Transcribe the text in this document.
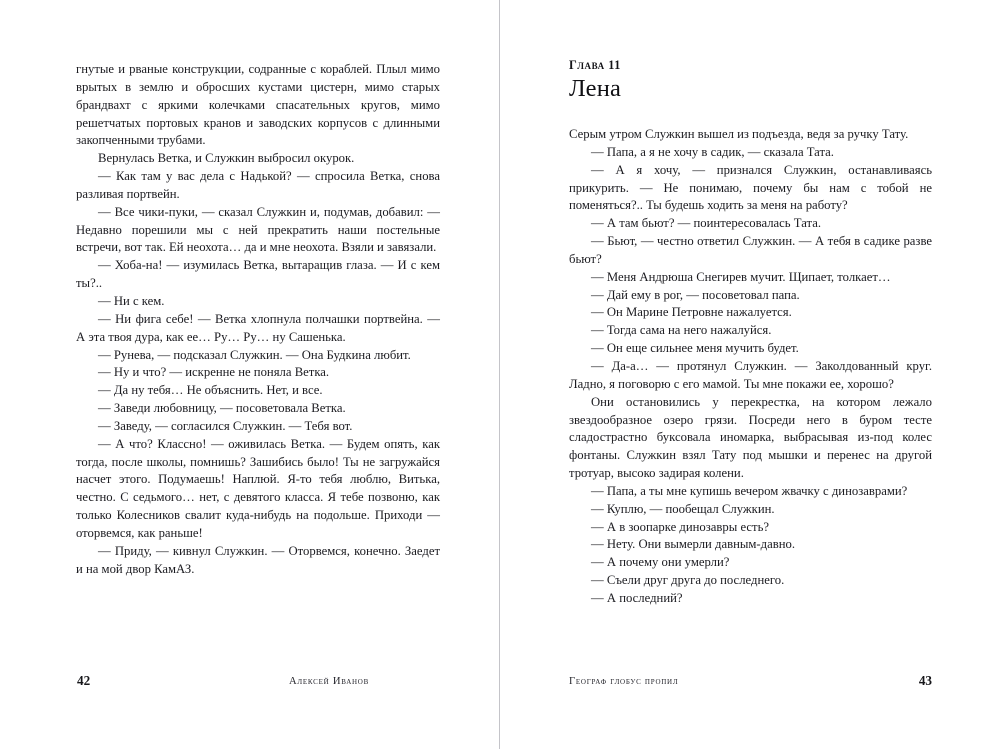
гнутые и рваные конструкции, содранные с кораблей. Плыл мимо врытых в землю и обросших кустами цистерн, мимо старых брандвахт с яркими колечками спасательных кругов, мимо решетчатых портовых кранов и заводских корпусов с длинными закопченными трубами.

Вернулась Ветка, и Служкин выбросил окурок.

— Как там у вас дела с Надькой? — спросила Ветка, снова разливая портвейн.

— Все чики-пуки, — сказал Служкин и, подумав, добавил: — Недавно порешили мы с ней прекратить наши постельные встречи, вот так. Ей неохота… да и мне неохота. Взяли и завязали.

— Хоба-на! — изумилась Ветка, вытаращив глаза. — И с кем ты?..

— Ни с кем.

— Ни фига себе! — Ветка хлопнула полчашки портвейна. — А эта твоя дура, как ее… Ру… Ру… ну Сашенька.

— Рунева, — подсказал Служкин. — Она Будкина любит.

— Ну и что? — искренне не поняла Ветка.

— Да ну тебя… Не объяснить. Нет, и все.

— Заведи любовницу, — посоветовала Ветка.

— Заведу, — согласился Служкин. — Тебя вот.

— А что? Классно! — оживилась Ветка. — Будем опять, как тогда, после школы, помнишь? Зашибись было! Ты не загружайся насчет этого. Подумаешь! Наплюй. Я-то тебя люблю, Витька, честно. С седьмого… нет, с девятого класса. Я тебе позвоню, как только Колесников свалит куда-нибудь на подольше. Приходи — оторвемся, как раньше!

— Приду, — кивнул Служкин. — Оторвемся, конечно. Заедет и на мой двор КамАЗ.

42	Алексей Иванов
Глава 11
Лена

Серым утром Служкин вышел из подъезда, ведя за ручку Тату.

— Папа, а я не хочу в садик, — сказала Тата.

— А я хочу, — признался Служкин, останавливаясь прикурить. — Не понимаю, почему бы нам с тобой не поменяться?.. Ты будешь ходить за меня на работу?

— А там бьют? — поинтересовалась Тата.

— Бьют, — честно ответил Служкин. — А тебя в садике разве бьют?

— Меня Андрюша Снегирев мучит. Щипает, толкает…

— Дай ему в рог, — посоветовал папа.

— Он Марине Петровне нажалуется.

— Тогда сама на него нажалуйся.

— Он еще сильнее меня мучить будет.

— Да-а… — протянул Служкин. — Заколдованный круг. Ладно, я поговорю с его мамой. Ты мне покажи ее, хорошо?

Они остановились у перекрестка, на котором лежало звездообразное озеро грязи. Посреди него в буром тесте сладострастно буксовала иномарка, выбрасывая из-под колес фонтаны. Служкин взял Тату под мышки и перенес на другой тротуар, высоко задирая колени.

— Папа, а ты мне купишь вечером жвачку с динозаврами?

— Куплю, — пообещал Служкин.

— А в зоопарке динозавры есть?

— Нету. Они вымерли давным-давно.

— А почему они умерли?

— Съели друг друга до последнего.

— А последний?

Географ глобус пропил	43
